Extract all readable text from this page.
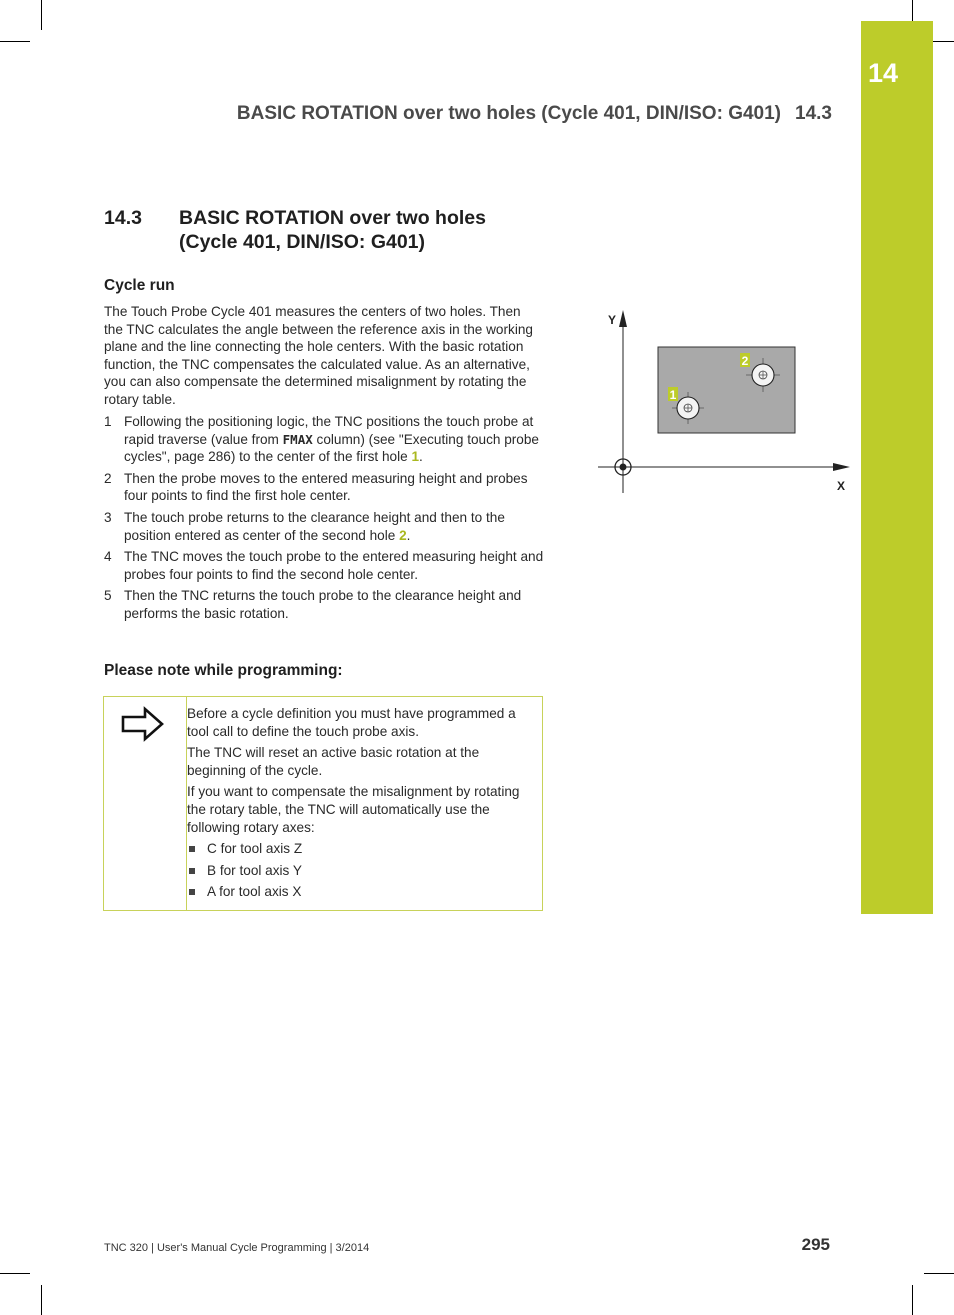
14
BASIC ROTATION over two holes (Cycle 401, DIN/ISO: G401) 14.3
14.3	BASIC ROTATION over two holes
(Cycle 401, DIN/ISO: G401)
Cycle run
The Touch Probe Cycle 401 measures the centers of two holes. Then the TNC calculates the angle between the reference axis in the working plane and the line connecting the hole centers. With the basic rotation function, the TNC compensates the calculated value. As an alternative, you can also compensate the determined misalignment by rotating the rotary table.
1 Following the positioning logic, the TNC positions the touch probe at rapid traverse (value from FMAX column) (see "Executing touch probe cycles", page 286) to the center of the first hole 1.
2 Then the probe moves to the entered measuring height and probes four points to find the first hole center.
3 The touch probe returns to the clearance height and then to the position entered as center of the second hole 2.
4 The TNC moves the touch probe to the entered measuring height and probes four points to find the second hole center.
5 Then the TNC returns the touch probe to the clearance height and performs the basic rotation.
Please note while programming:

Before a cycle definition you must have programmed a tool call to define the touch probe axis.

The TNC will reset an active basic rotation at the beginning of the cycle.

If you want to compensate the misalignment by rotating the rotary table, the TNC will automatically use the following rotary axes:

C for tool axis Z
B for tool axis Y
A for tool axis X
1
2
Y
X
TNC 320 | User's Manual Cycle Programming | 3/2014	295
